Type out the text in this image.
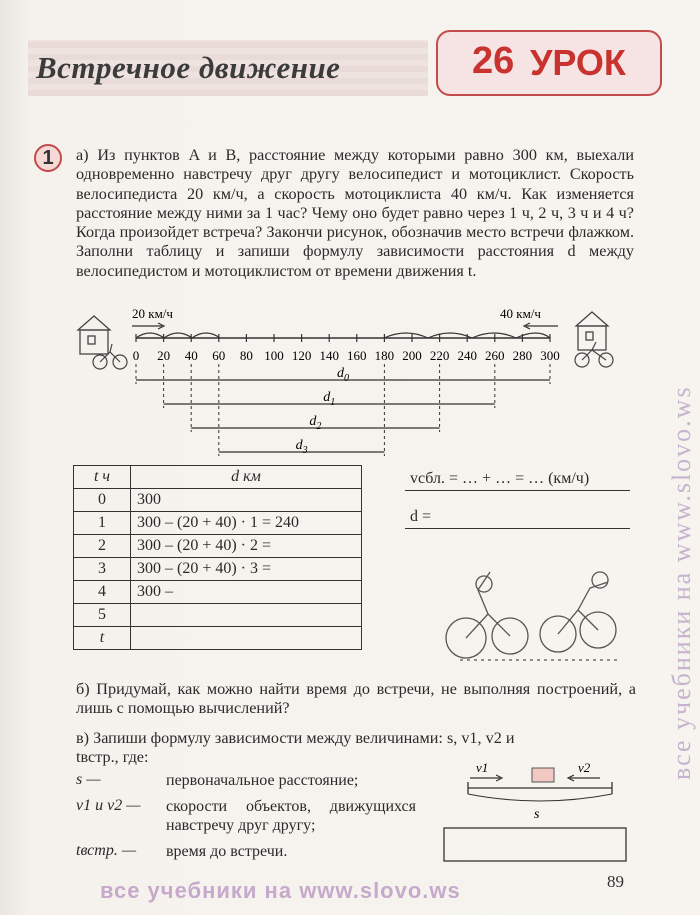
Встречное движение	26 УРОК
1	а) Из пунктов A и B, расстояние между которыми равно 300 км, выехали одновременно навстречу друг другу велосипедист и мотоциклист. Скорость велосипедиста 20 км/ч, а скорость мотоциклиста 40 км/ч. Как изменяется расстояние между ними за 1 час? Чему оно будет равно через 1 ч, 2 ч, 3 ч и 4 ч? Когда произойдет встреча? Закончи рисунок, обозначив место встречи флажком. Заполни таблицу и запиши формулу зависимости расстояния d между велосипедистом и мотоциклистом от времени движения t.
20 км/ч	40 км/ч
0 20 40 60 80 100 120 140 160 180 200 220 240 260 280 300
$d_0$
$d_1$
$d_2$
$d_3$
t ч	d км
0	300
1	300 – (20 + 40) · 1 = 240
2	300 – (20 + 40) · 2 =
3	300 – (20 + 40) · 3 =
4	300 –
5	
t	
vсбл. = … + … = … (км/ч)
d =
б) Придумай, как можно найти время до встречи, не выполняя построений, а лишь с помощью вычислений?
в) Запиши формулу зависимости между величинами: s, v1, v2 и
tвстр., где:
s —	первоначальное расстояние;
v1 и v2 — скорости объектов, движущихся навстречу друг другу;
tвстр. — время до встречи.
v1	v2
s
все учебники на www.slovo.ws
все учебники на www.slovo.ws	89
